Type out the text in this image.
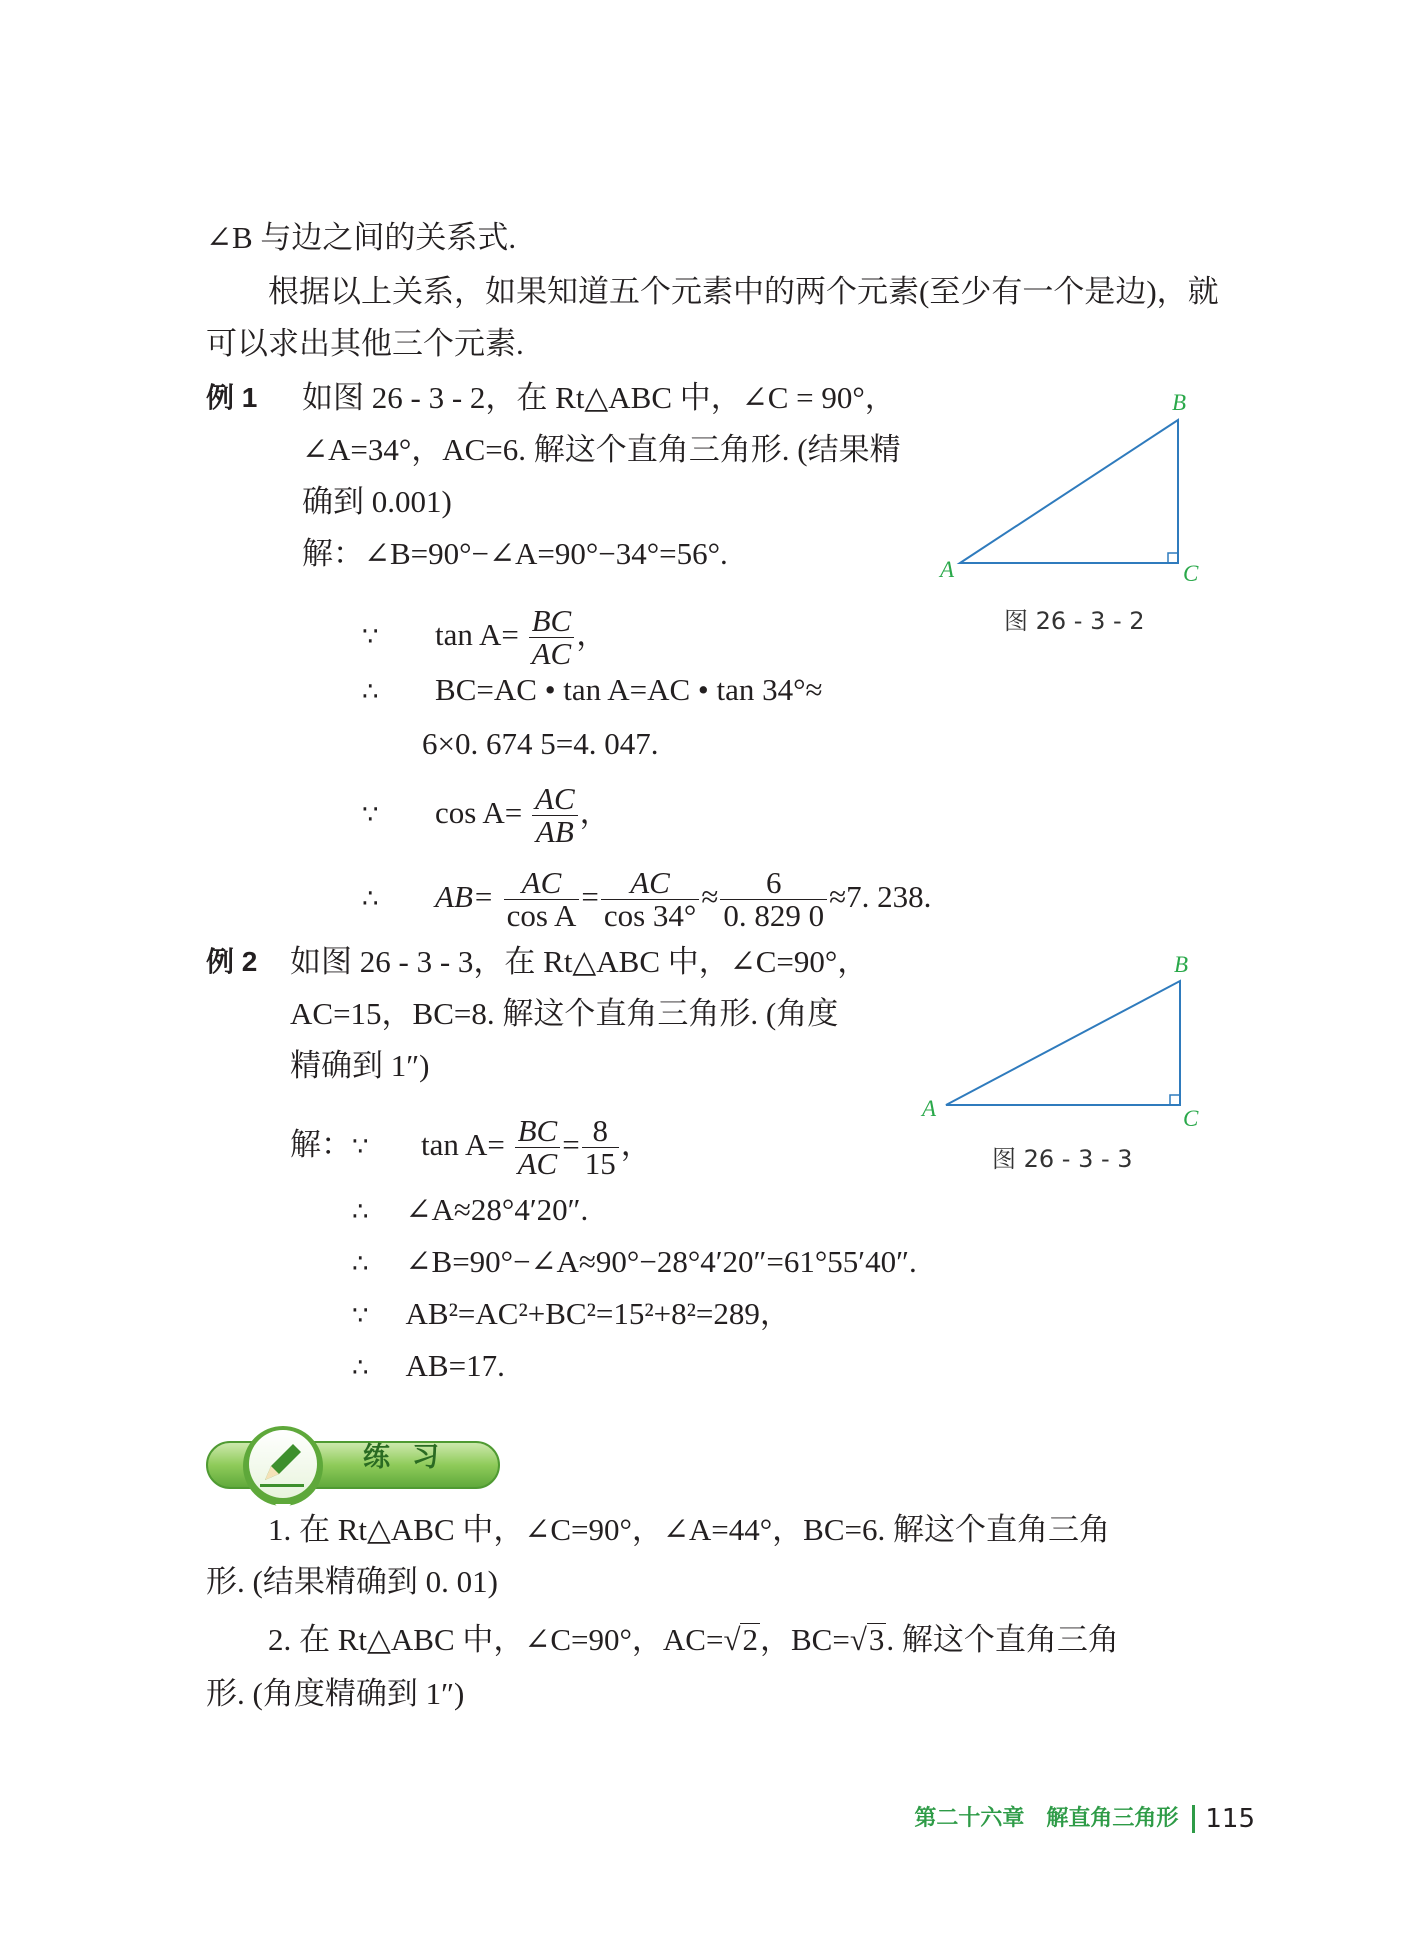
∠B 与边之间的关系式.
根据以上关系，如果知道五个元素中的两个元素(至少有一个是边)，就
可以求出其他三个元素.
例 1 如图 26 - 3 - 2，在 Rt△ABC 中，∠C = 90°，
∠A=34°，AC=6. 解这个直角三角形. (结果精
确到 0.001)
解：∠B=90°−∠A=90°−34°=56°.
∵ $\tan A= \frac{BC}{AC}$ ，
∴ BC=AC • tan A=AC • tan 34°≈
6×0. 674 5=4. 047.
∵ $\cos A= \frac{AC}{AB}$ ，
∴ $AB= \frac{AC}{\text{cos A}} = \frac{AC}{\cos 34^\circ} \approx \frac{6}{0. 829 0} \approx 7$. 238.
A
B
C
图 26 - 3 - 2
例 2 如图 26 - 3 - 3，在 Rt△ABC 中，∠C=90°，
AC=15，BC=8. 解这个直角三角形. (角度
精确到 1″)
解：∵ $\tan A= \frac{BC}{AC} = \frac{8}{15}$ ，
∴ ∠A≈28°4′20″.
∴ ∠B=90°−∠A≈90°−28°4′20″=61°55′40″.
∵ AB²=AC²+BC²=15²+8²=289，
∴ AB=17.
A
B
C
图 26 - 3 - 3
练习
1. 在 Rt△ABC 中，∠C=90°，∠A=44°，BC=6. 解这个直角三角
形. (结果精确到 0. 01)
2. 在 Rt△ABC 中，∠C=90°，AC=√2，BC=√3. 解这个直角三角
形. (角度精确到 1″)
第二十六章　解直角三角形 115
